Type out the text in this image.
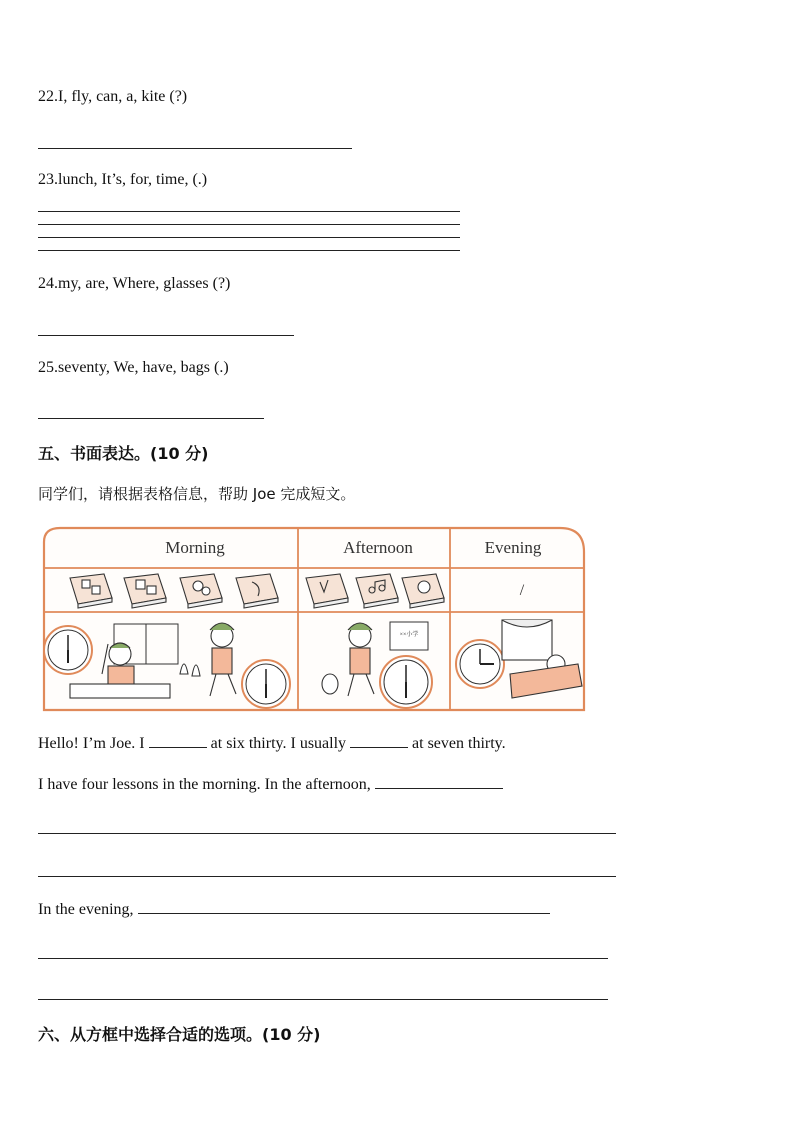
22.I, fly, can, a, kite (?)
23.lunch, It’s, for, time, (.)
24.my, are, Where, glasses (?)
25.seventy, We, have, bags (.)
五、书面表达。(10 分)
同学们，请根据表格信息，帮助 Joe 完成短文。
Morning	Afternoon	Evening
/
××小学
Hello! I’m Joe. I	at six thirty. I usually	at seven thirty.
I have four lessons in the morning. In the afternoon,
In the evening,
六、从方框中选择合适的选项。(10 分)
